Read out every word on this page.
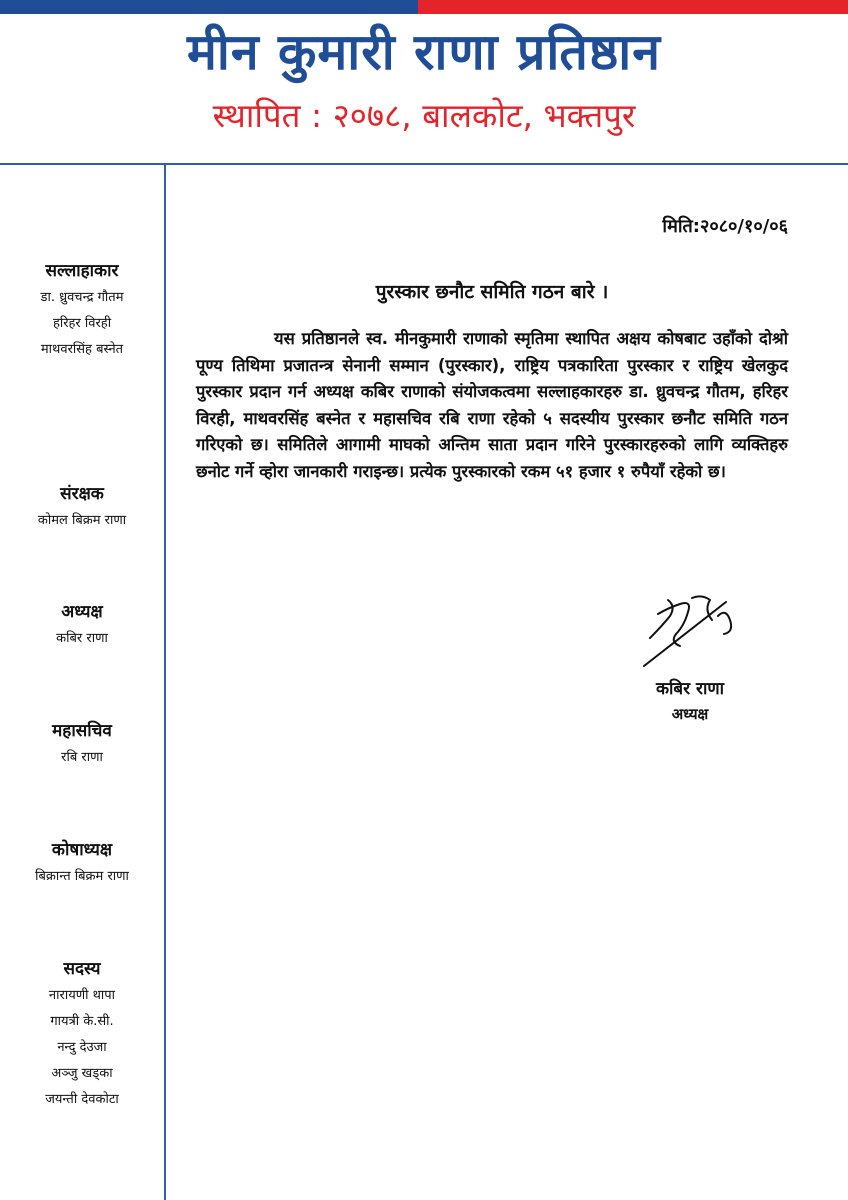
मीन कुमारी राणा प्रतिष्ठान
स्थापित : २०७८, बालकोट, भक्तपुर
सल्लाहाकार
डा. ध्रुवचन्द्र गौतम
हरिहर विरही
माथवरसिंह बस्नेत
संरक्षक
कोमल बिक्रम राणा
अध्यक्ष
कबिर राणा
महासचिव
रबि राणा
कोषाध्यक्ष
बिक्रान्त बिक्रम राणा
सदस्य
नारायणी थापा
गायत्री के.सी.
नन्दु देउजा
अञ्जु खड्का
जयन्ती देवकोटा
मिति:२०८०/१०/०६
पुरस्कार छनौट समिति गठन बारे ।
यस प्रतिष्ठानले स्व. मीनकुमारी राणाको स्मृतिमा स्थापित अक्षय कोषबाट उहाँको दोश्रो पूण्य तिथिमा प्रजातन्त्र सेनानी सम्मान (पुरस्कार), राष्ट्रिय पत्रकारिता पुरस्कार र राष्ट्रिय खेलकुद पुरस्कार प्रदान गर्न अध्यक्ष कबिर राणाको संयोजकत्वमा सल्लाहकारहरु डा. ध्रुवचन्द्र गौतम, हरिहर विरही, माथवरसिंह बस्नेत र महासचिव रबि राणा रहेको ५ सदस्यीय पुरस्कार छनौट समिति गठन गरिएको छ। समितिले आगामी माघको अन्तिम साता प्रदान गरिने पुरस्कारहरुको लागि व्यक्तिहरु छनोट गर्ने व्होरा जानकारी गराइन्छ। प्रत्येक पुरस्कारको रकम ५१ हजार १ रुपैयाँ रहेको छ।
कबिर राणा
अध्यक्ष
